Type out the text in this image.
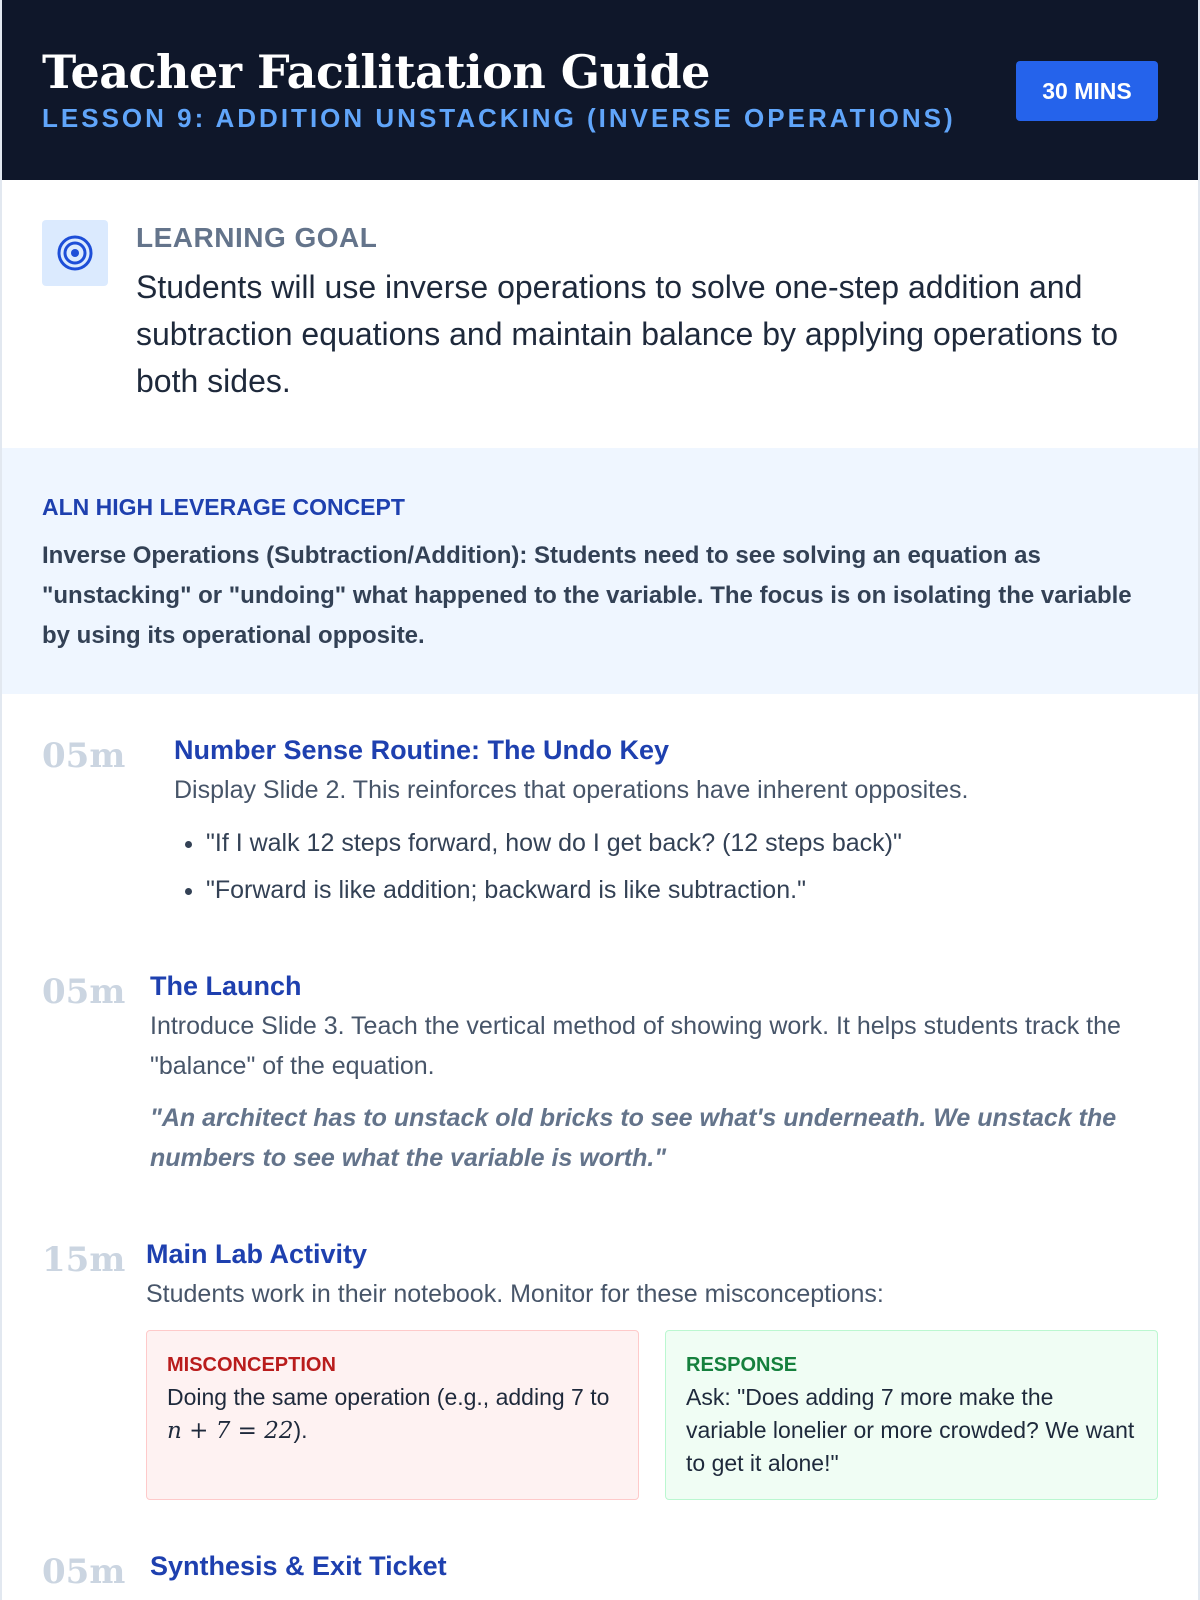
Teacher Facilitation Guide
LESSON 9: ADDITION UNSTACKING (INVERSE OPERATIONS)
30 MINS
LEARNING GOAL
Students will use inverse operations to solve one-step addition and subtraction equations and maintain balance by applying operations to both sides.
ALN HIGH LEVERAGE CONCEPT
Inverse Operations (Subtraction/Addition): Students need to see solving an equation as "unstacking" or "undoing" what happened to the variable. The focus is on isolating the variable by using its operational opposite.
05m	Number Sense Routine: The Undo Key
Display Slide 2. This reinforces that operations have inherent opposites.
• "If I walk 12 steps forward, how do I get back? (12 steps back)"
• "Forward is like addition; backward is like subtraction."
05m The Launch
Introduce Slide 3. Teach the vertical method of showing work. It helps students track the "balance" of the equation.
"An architect has to unstack old bricks to see what's underneath. We unstack the numbers to see what the variable is worth."
15m Main Lab Activity
Students work in their notebook. Monitor for these misconceptions:
MISCONCEPTION
Doing the same operation (e.g., adding 7 to
n + 7 = 22).
RESPONSE
Ask: "Does adding 7 more make the variable lonelier or more crowded? We want to get it alone!"
05m Synthesis & Exit Ticket
